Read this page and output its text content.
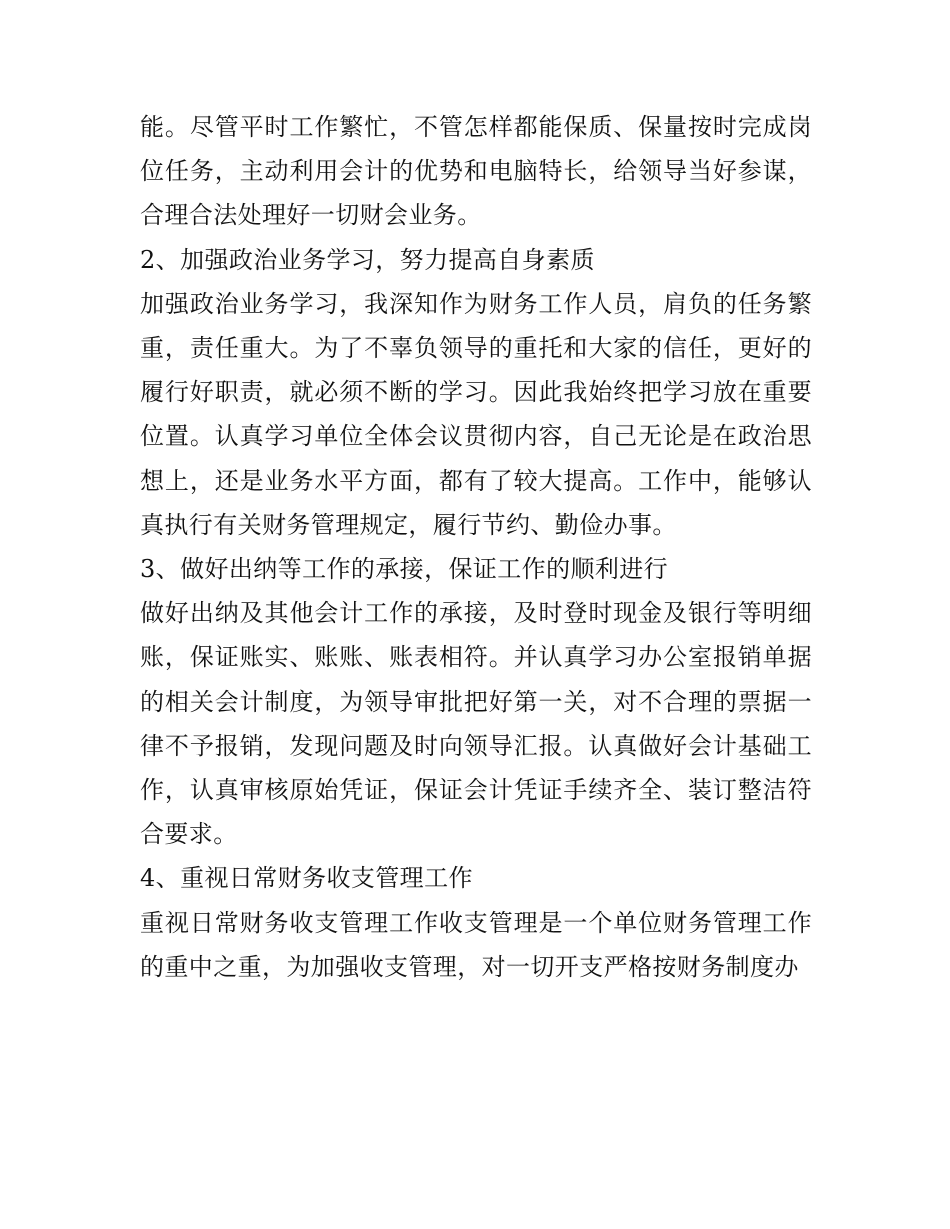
能。尽管平时工作繁忙，不管怎样都能保质、保量按时完成岗位任务，主动利用会计的优势和电脑特长，给领导当好参谋，合理合法处理好一切财会业务。

2、加强政治业务学习，努力提高自身素质

加强政治业务学习，我深知作为财务工作人员，肩负的任务繁重，责任重大。为了不辜负领导的重托和大家的信任，更好的履行好职责，就必须不断的学习。因此我始终把学习放在重要位置。认真学习单位全体会议贯彻内容，自己无论是在政治思想上，还是业务水平方面，都有了较大提高。工作中，能够认真执行有关财务管理规定，履行节约、勤俭办事。

3、做好出纳等工作的承接，保证工作的顺利进行

做好出纳及其他会计工作的承接，及时登时现金及银行等明细账，保证账实、账账、账表相符。并认真学习办公室报销单据的相关会计制度，为领导审批把好第一关，对不合理的票据一律不予报销，发现问题及时向领导汇报。认真做好会计基础工作，认真审核原始凭证，保证会计凭证手续齐全、装订整洁符合要求。

4、重视日常财务收支管理工作

重视日常财务收支管理工作收支管理是一个单位财务管理工作的重中之重，为加强收支管理，对一切开支严格按财务制度办
